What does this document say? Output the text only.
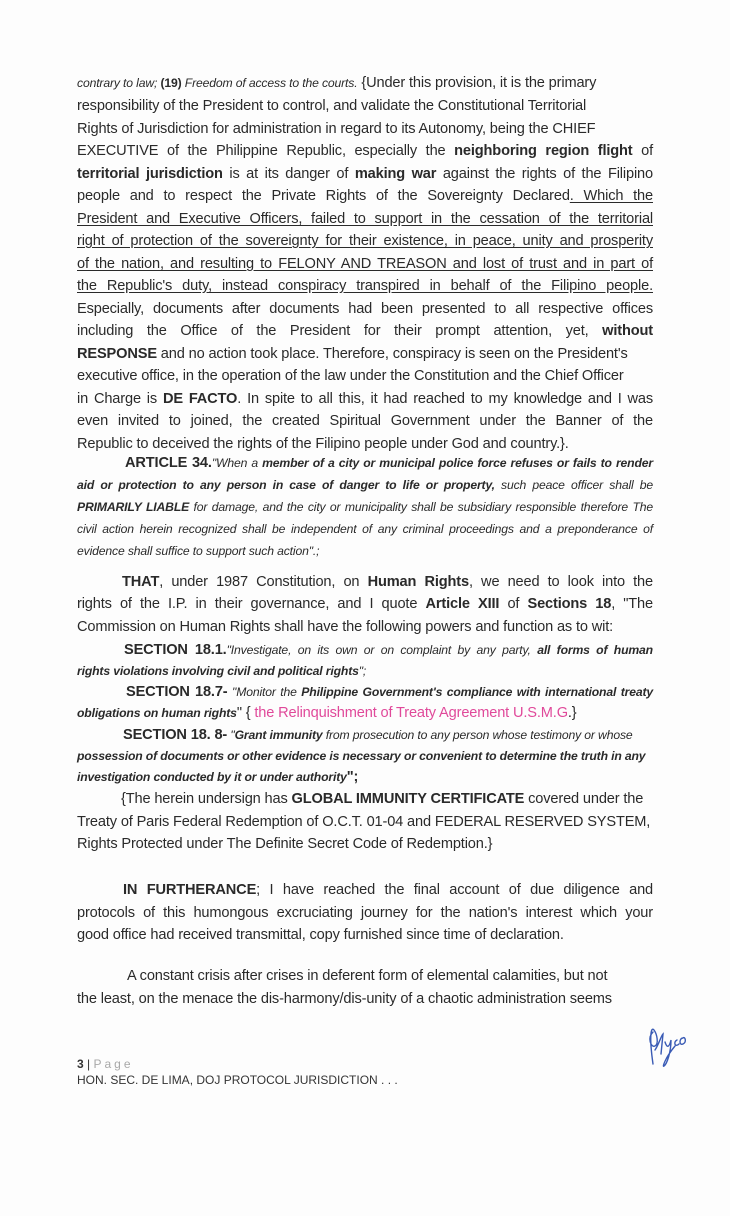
contrary to law; (19) Freedom of access to the courts. {Under this provision, it is the primary
responsibility of the President to control, and validate the Constitutional Territorial
Rights of Jurisdiction for administration in regard to its Autonomy, being the CHIEF
EXECUTIVE of the Philippine Republic, especially the neighboring region flight of
territorial jurisdiction is at its danger of making war against the rights of the Filipino
people and to respect the Private Rights of the Sovereignty Declared. Which the
President and Executive Officers, failed to support in the cessation of the territorial
right of protection of the sovereignty for their existence, in peace, unity and prosperity
of the nation, and resulting to FELONY AND TREASON and lost of trust and in part of
the Republic's duty, instead conspiracy transpired in behalf of the Filipino people.
Especially, documents after documents had been presented to all respective offices
including the Office of the President for their prompt attention, yet, without
RESPONSE and no action took place. Therefore, conspiracy is seen on the President's
executive office, in the operation of the law under the Constitution and the Chief Officer
in Charge is DE FACTO. In spite to all this, it had reached to my knowledge and I was
even invited to joined, the created Spiritual Government under the Banner of the
Republic to deceived the rights of the Filipino people under God and country.}.
ARTICLE 34."When a member of a city or municipal police force refuses or fails to render
aid or protection to any person in case of danger to life or property, such peace officer shall be
PRIMARILY LIABLE for damage, and the city or municipality shall be subsidiary responsible therefore The
civil action herein recognized shall be independent of any criminal proceedings and a preponderance of
evidence shall suffice to support such action".;
THAT, under 1987 Constitution, on Human Rights, we need to look into the
rights of the I.P. in their governance, and I quote Article XIII of Sections 18, "The
Commission on Human Rights shall have the following powers and function as to wit:
SECTION 18.1."Investigate, on its own or on complaint by any party, all forms of human
rights violations involving civil and political rights";
SECTION 18.7- "Monitor the Philippine Government's compliance with international treaty
obligations on human rights" { the Relinquishment of Treaty Agreement U.S.M.G.}
SECTION 18. 8- "Grant immunity from prosecution to any person whose testimony or whose
possession of documents or other evidence is necessary or convenient to determine the truth in any
investigation conducted by it or under authority";
{The herein undersign has GLOBAL IMMUNITY CERTIFICATE covered under the
Treaty of Paris Federal Redemption of O.C.T. 01-04 and FEDERAL RESERVED SYSTEM,
Rights Protected under The Definite Secret Code of Redemption.}
IN FURTHERANCE; I have reached the final account of due diligence and
protocols of this humongous excruciating journey for the nation's interest which your
good office had received transmittal, copy furnished since time of declaration.
A constant crisis after crises in deferent form of elemental calamities, but not
the least, on the menace the dis-harmony/dis-unity of a chaotic administration seems
3 | Page
HON. SEC. DE LIMA, DOJ PROTOCOL JURISDICTION . . .
